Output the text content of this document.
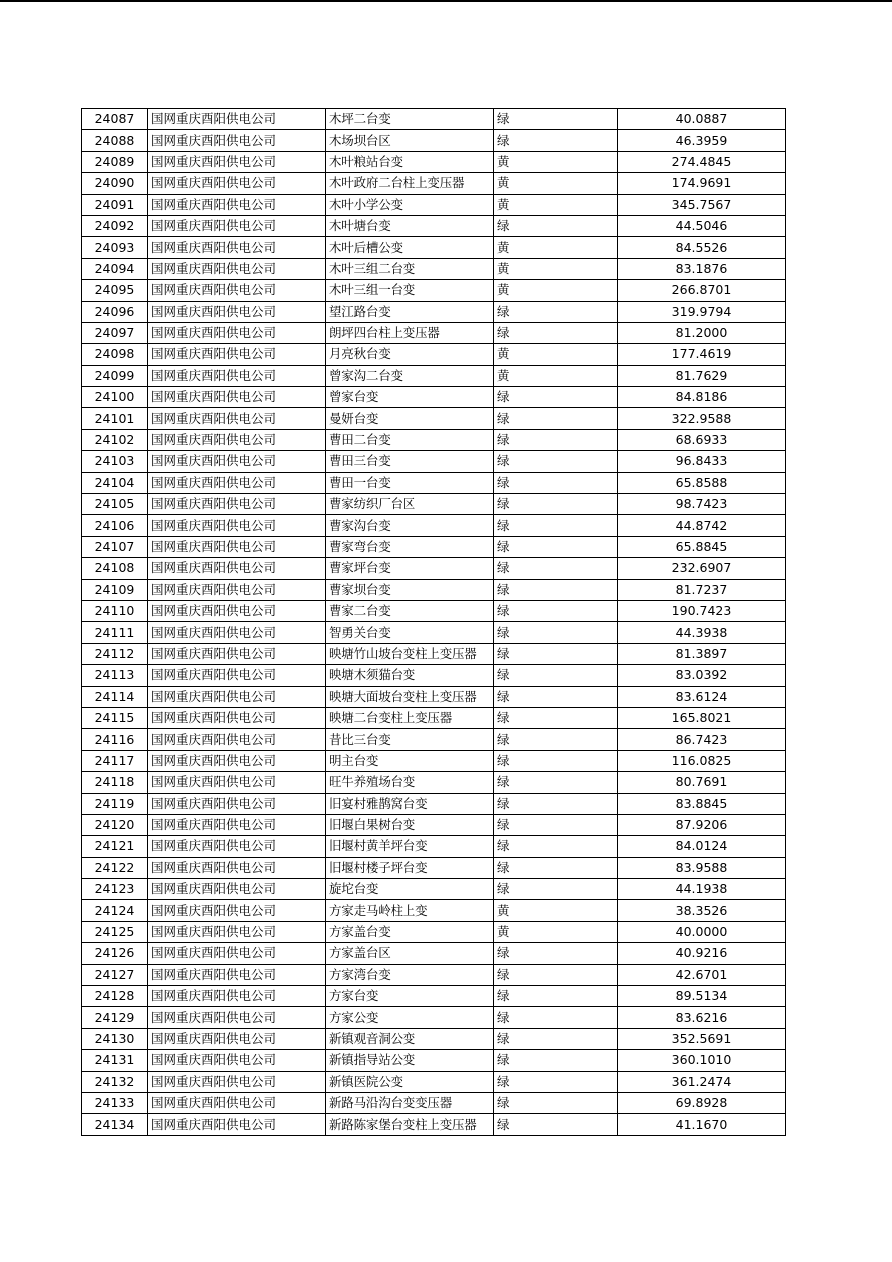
24087	国网重庆酉阳供电公司	木坪二台变	绿	40.0887
24088	国网重庆酉阳供电公司	木场坝台区	绿	46.3959
24089	国网重庆酉阳供电公司	木叶粮站台变	黄	274.4845
24090	国网重庆酉阳供电公司	木叶政府二台柱上变压器	黄	174.9691
24091	国网重庆酉阳供电公司	木叶小学公变	黄	345.7567
24092	国网重庆酉阳供电公司	木叶塘台变	绿	44.5046
24093	国网重庆酉阳供电公司	木叶后槽公变	黄	84.5526
24094	国网重庆酉阳供电公司	木叶三组二台变	黄	83.1876
24095	国网重庆酉阳供电公司	木叶三组一台变	黄	266.8701
24096	国网重庆酉阳供电公司	望江路台变	绿	319.9794
24097	国网重庆酉阳供电公司	朗坪四台柱上变压器	绿	81.2000
24098	国网重庆酉阳供电公司	月亮秋台变	黄	177.4619
24099	国网重庆酉阳供电公司	曾家沟二台变	黄	81.7629
24100	国网重庆酉阳供电公司	曾家台变	绿	84.8186
24101	国网重庆酉阳供电公司	曼妍台变	绿	322.9588
24102	国网重庆酉阳供电公司	曹田二台变	绿	68.6933
24103	国网重庆酉阳供电公司	曹田三台变	绿	96.8433
24104	国网重庆酉阳供电公司	曹田一台变	绿	65.8588
24105	国网重庆酉阳供电公司	曹家纺织厂台区	绿	98.7423
24106	国网重庆酉阳供电公司	曹家沟台变	绿	44.8742
24107	国网重庆酉阳供电公司	曹家弯台变	绿	65.8845
24108	国网重庆酉阳供电公司	曹家坪台变	绿	232.6907
24109	国网重庆酉阳供电公司	曹家坝台变	绿	81.7237
24110	国网重庆酉阳供电公司	曹家二台变	绿	190.7423
24111	国网重庆酉阳供电公司	智勇关台变	绿	44.3938
24112	国网重庆酉阳供电公司	映塘竹山坡台变柱上变压器	绿	81.3897
24113	国网重庆酉阳供电公司	映塘木须猫台变	绿	83.0392
24114	国网重庆酉阳供电公司	映塘大面坡台变柱上变压器	绿	83.6124
24115	国网重庆酉阳供电公司	映塘二台变柱上变压器	绿	165.8021
24116	国网重庆酉阳供电公司	昔比三台变	绿	86.7423
24117	国网重庆酉阳供电公司	明主台变	绿	116.0825
24118	国网重庆酉阳供电公司	旺牛养殖场台变	绿	80.7691
24119	国网重庆酉阳供电公司	旧宴村雅鹊窝台变	绿	83.8845
24120	国网重庆酉阳供电公司	旧堰白果树台变	绿	87.9206
24121	国网重庆酉阳供电公司	旧堰村黄羊坪台变	绿	84.0124
24122	国网重庆酉阳供电公司	旧堰村楼子坪台变	绿	83.9588
24123	国网重庆酉阳供电公司	旋坨台变	绿	44.1938
24124	国网重庆酉阳供电公司	方家走马岭柱上变	黄	38.3526
24125	国网重庆酉阳供电公司	方家盖台变	黄	40.0000
24126	国网重庆酉阳供电公司	方家盖台区	绿	40.9216
24127	国网重庆酉阳供电公司	方家湾台变	绿	42.6701
24128	国网重庆酉阳供电公司	方家台变	绿	89.5134
24129	国网重庆酉阳供电公司	方家公变	绿	83.6216
24130	国网重庆酉阳供电公司	新镇观音洞公变	绿	352.5691
24131	国网重庆酉阳供电公司	新镇指导站公变	绿	360.1010
24132	国网重庆酉阳供电公司	新镇医院公变	绿	361.2474
24133	国网重庆酉阳供电公司	新路马沿沟台变变压器	绿	69.8928
24134	国网重庆酉阳供电公司	新路陈家堡台变柱上变压器	绿	41.1670
